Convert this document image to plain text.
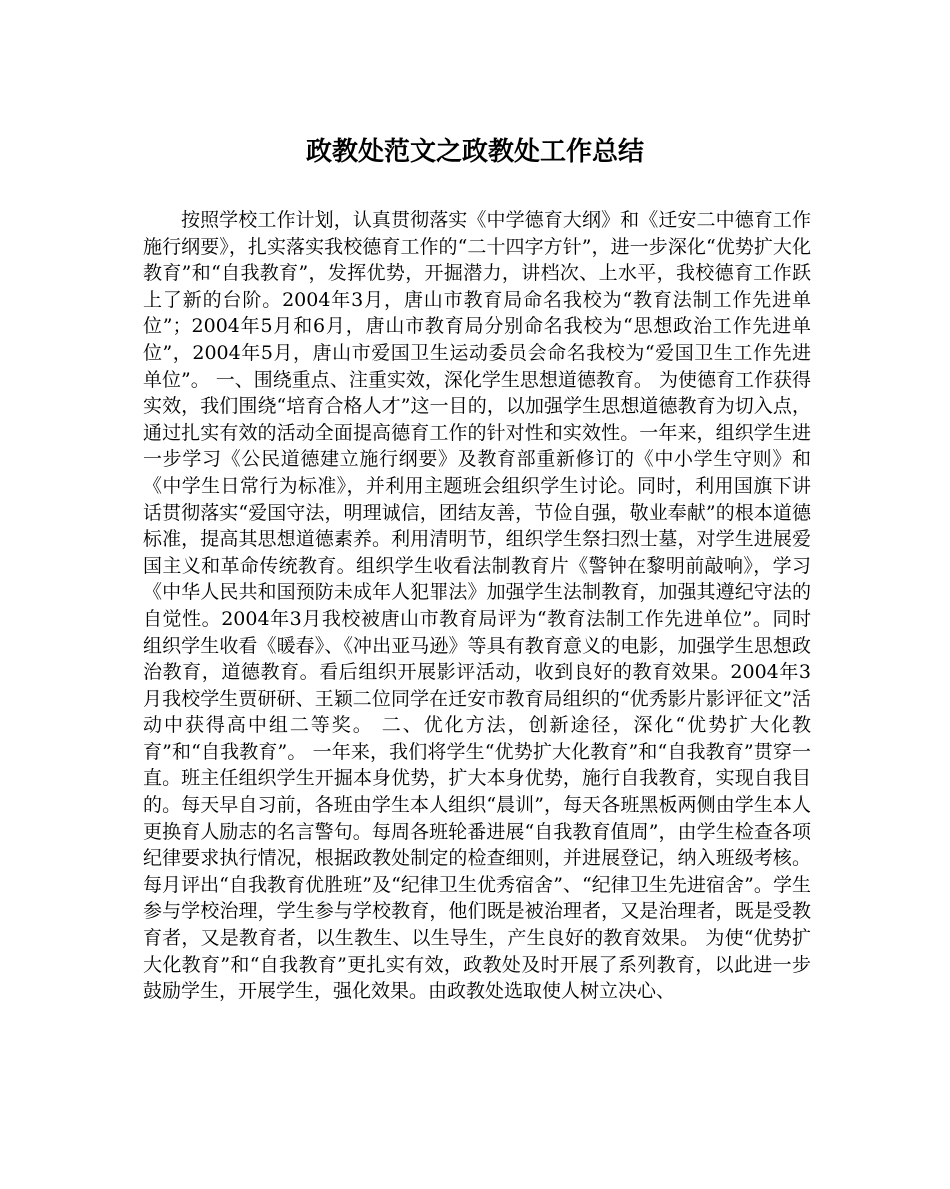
政教处范文之政教处工作总结

按照学校工作计划，认真贯彻落实《中学德育大纲》和《迁安二中德育工作施行纲要》，扎实落实我校德育工作的“二十四字方针”，进一步深化“优势扩大化教育”和“自我教育”，发挥优势，开掘潜力，讲档次、上水平，我校德育工作跃上了新的台阶。2004年3月，唐山市教育局命名我校为“教育法制工作先进单位”；2004年5月和6月，唐山市教育局分别命名我校为“思想政治工作先进单位”，2004年5月，唐山市爱国卫生运动委员会命名我校为“爱国卫生工作先进单位”。 一、围绕重点、注重实效，深化学生思想道德教育。 为使德育工作获得实效，我们围绕“培育合格人才”这一目的，以加强学生思想道德教育为切入点，通过扎实有效的活动全面提高德育工作的针对性和实效性。一年来，组织学生进一步学习《公民道德建立施行纲要》及教育部重新修订的《中小学生守则》和《中学生日常行为标准》，并利用主题班会组织学生讨论。同时，利用国旗下讲话贯彻落实“爱国守法，明理诚信，团结友善，节俭自强，敬业奉献”的根本道德标准，提高其思想道德素养。利用清明节，组织学生祭扫烈士墓，对学生进展爱国主义和革命传统教育。组织学生收看法制教育片《警钟在黎明前敲响》，学习《中华人民共和国预防未成年人犯罪法》加强学生法制教育，加强其遵纪守法的自觉性。2004年3月我校被唐山市教育局评为“教育法制工作先进单位”。同时组织学生收看《暖春》、《冲出亚马逊》等具有教育意义的电影，加强学生思想政治教育，道德教育。看后组织开展影评活动，收到良好的教育效果。2004年3月我校学生贾研研、王颖二位同学在迁安市教育局组织的“优秀影片影评征文”活动中获得高中组二等奖。 二、优化方法，创新途径，深化“优势扩大化教育”和“自我教育”。 一年来，我们将学生“优势扩大化教育”和“自我教育”贯穿一直。班主任组织学生开掘本身优势，扩大本身优势，施行自我教育，实现自我目的。每天早自习前，各班由学生本人组织“晨训”，每天各班黑板两侧由学生本人更换育人励志的名言警句。每周各班轮番进展“自我教育值周”，由学生检查各项纪律要求执行情况，根据政教处制定的检查细则，并进展登记，纳入班级考核。每月评出“自我教育优胜班”及“纪律卫生优秀宿舍”、“纪律卫生先进宿舍”。学生参与学校治理，学生参与学校教育，他们既是被治理者，又是治理者，既是受教育者，又是教育者，以生教生、以生导生，产生良好的教育效果。 为使“优势扩大化教育”和“自我教育”更扎实有效，政教处及时开展了系列教育，以此进一步鼓励学生，开展学生，强化效果。由政教处选取使人树立决心、
